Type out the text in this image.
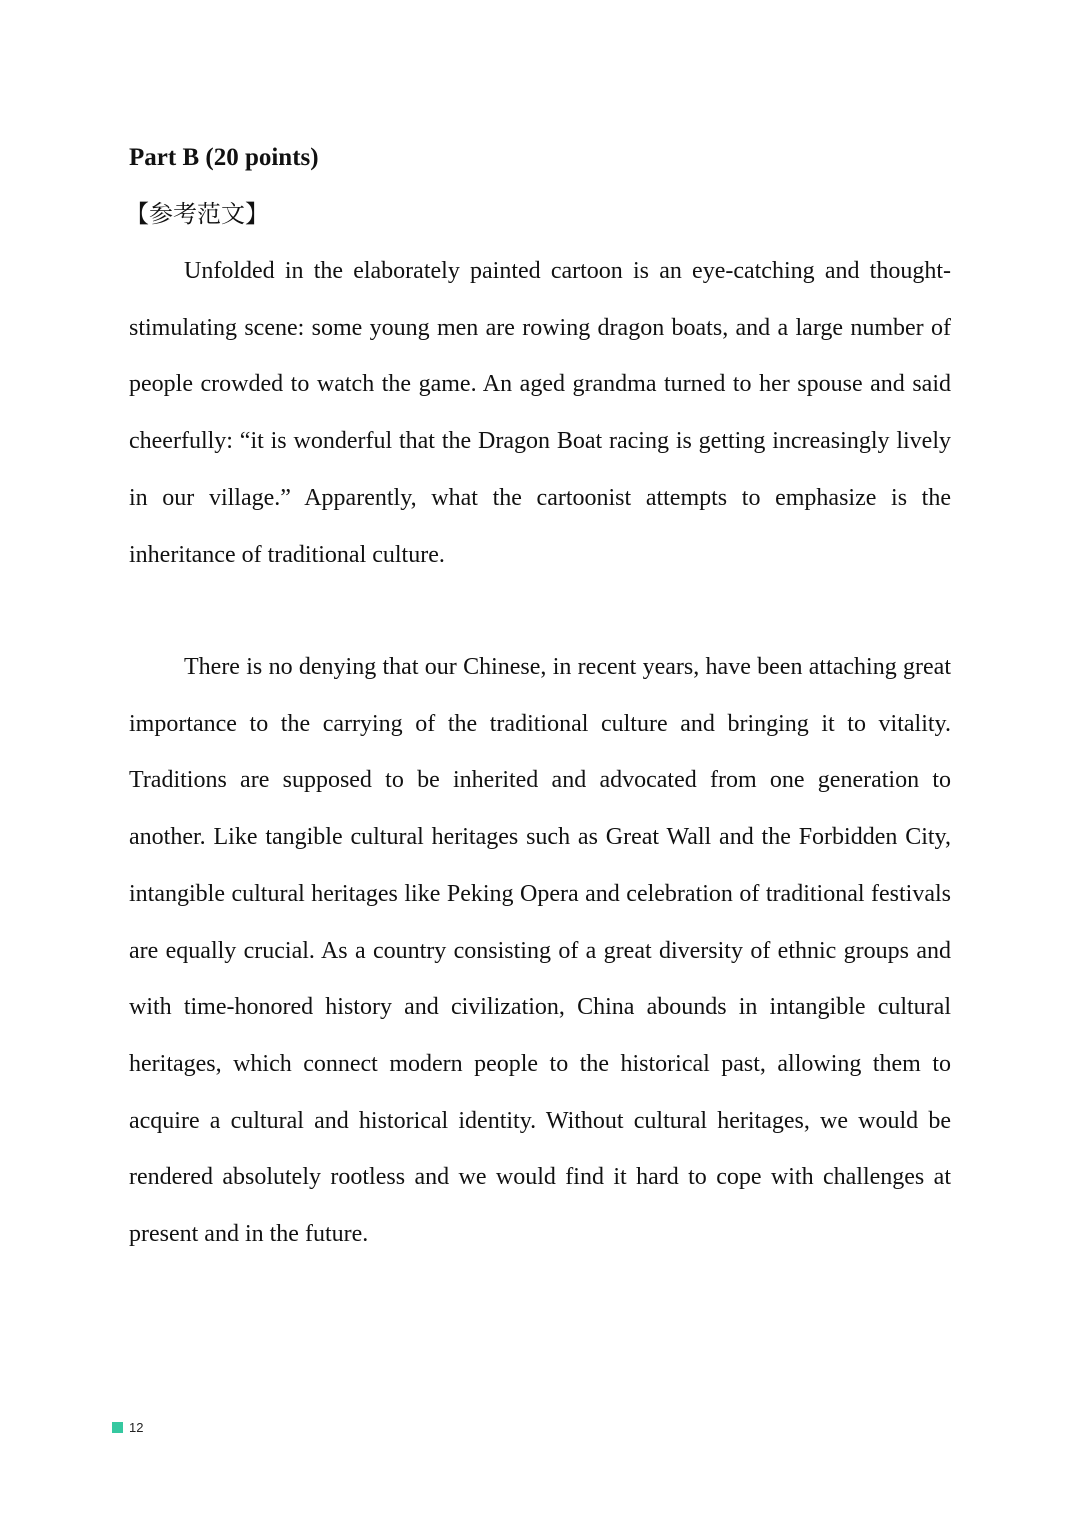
Part B (20 points)
【参考范文】

Unfolded in the elaborately painted cartoon is an eye-catching and thought-stimulating scene: some young men are rowing dragon boats, and a large number of people crowded to watch the game. An aged grandma turned to her spouse and said cheerfully: “it is wonderful that the Dragon Boat racing is getting increasingly lively in our village.” Apparently, what the cartoonist attempts to emphasize is the inheritance of traditional culture.

There is no denying that our Chinese, in recent years, have been attaching great importance to the carrying of the traditional culture and bringing it to vitality. Traditions are supposed to be inherited and advocated from one generation to another. Like tangible cultural heritages such as Great Wall and the Forbidden City, intangible cultural heritages like Peking Opera and celebration of traditional festivals are equally crucial. As a country consisting of a great diversity of ethnic groups and with time-honored history and civilization, China abounds in intangible cultural heritages, which connect modern people to the historical past, allowing them to acquire a cultural and historical identity. Without cultural heritages, we would be rendered absolutely rootless and we would find it hard to cope with challenges at present and in the future.

12
